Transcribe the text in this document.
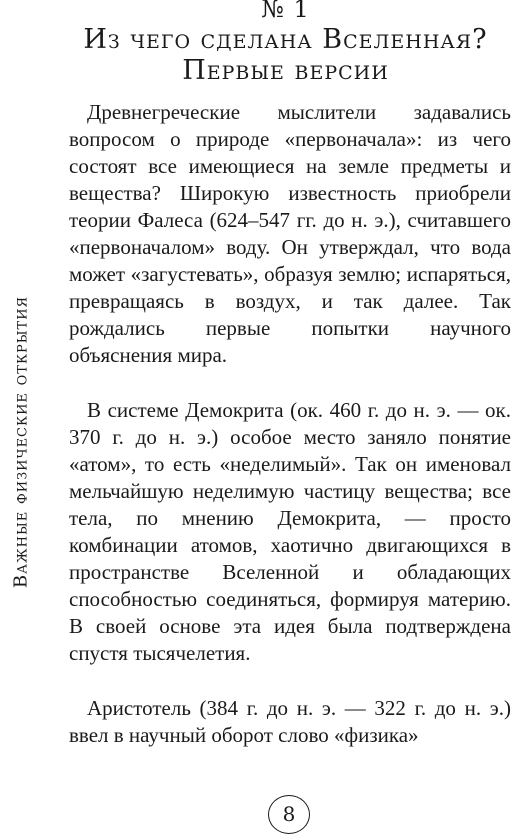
№ 1
Из чего сделана Вселенная?
Первые версии
Важные физические открытия

Древнегреческие мыслители задавались вопросом о природе «первоначала»: из чего состоят все имеющиеся на земле предметы и вещества? Широкую известность приобрели теории Фалеса (624–547 гг. до н. э.), считавшего «первоначалом» воду. Он утверждал, что вода может «загустевать», образуя землю; испаряться, превращаясь в воздух, и так далее. Так рождались первые попытки научного объяснения мира.

В системе Демокрита (ок. 460 г. до н. э. — ок. 370 г. до н. э.) особое место заняло понятие «атом», то есть «неделимый». Так он именовал мельчайшую неделимую частицу вещества; все тела, по мнению Демокрита, — просто комбинации атомов, хаотично двигающихся в пространстве Вселенной и обладающих способностью соединяться, формируя материю. В своей основе эта идея была подтверждена спустя тысячелетия.

Аристотель (384 г. до н. э. — 322 г. до н. э.) ввел в научный оборот слово «физика»

8
